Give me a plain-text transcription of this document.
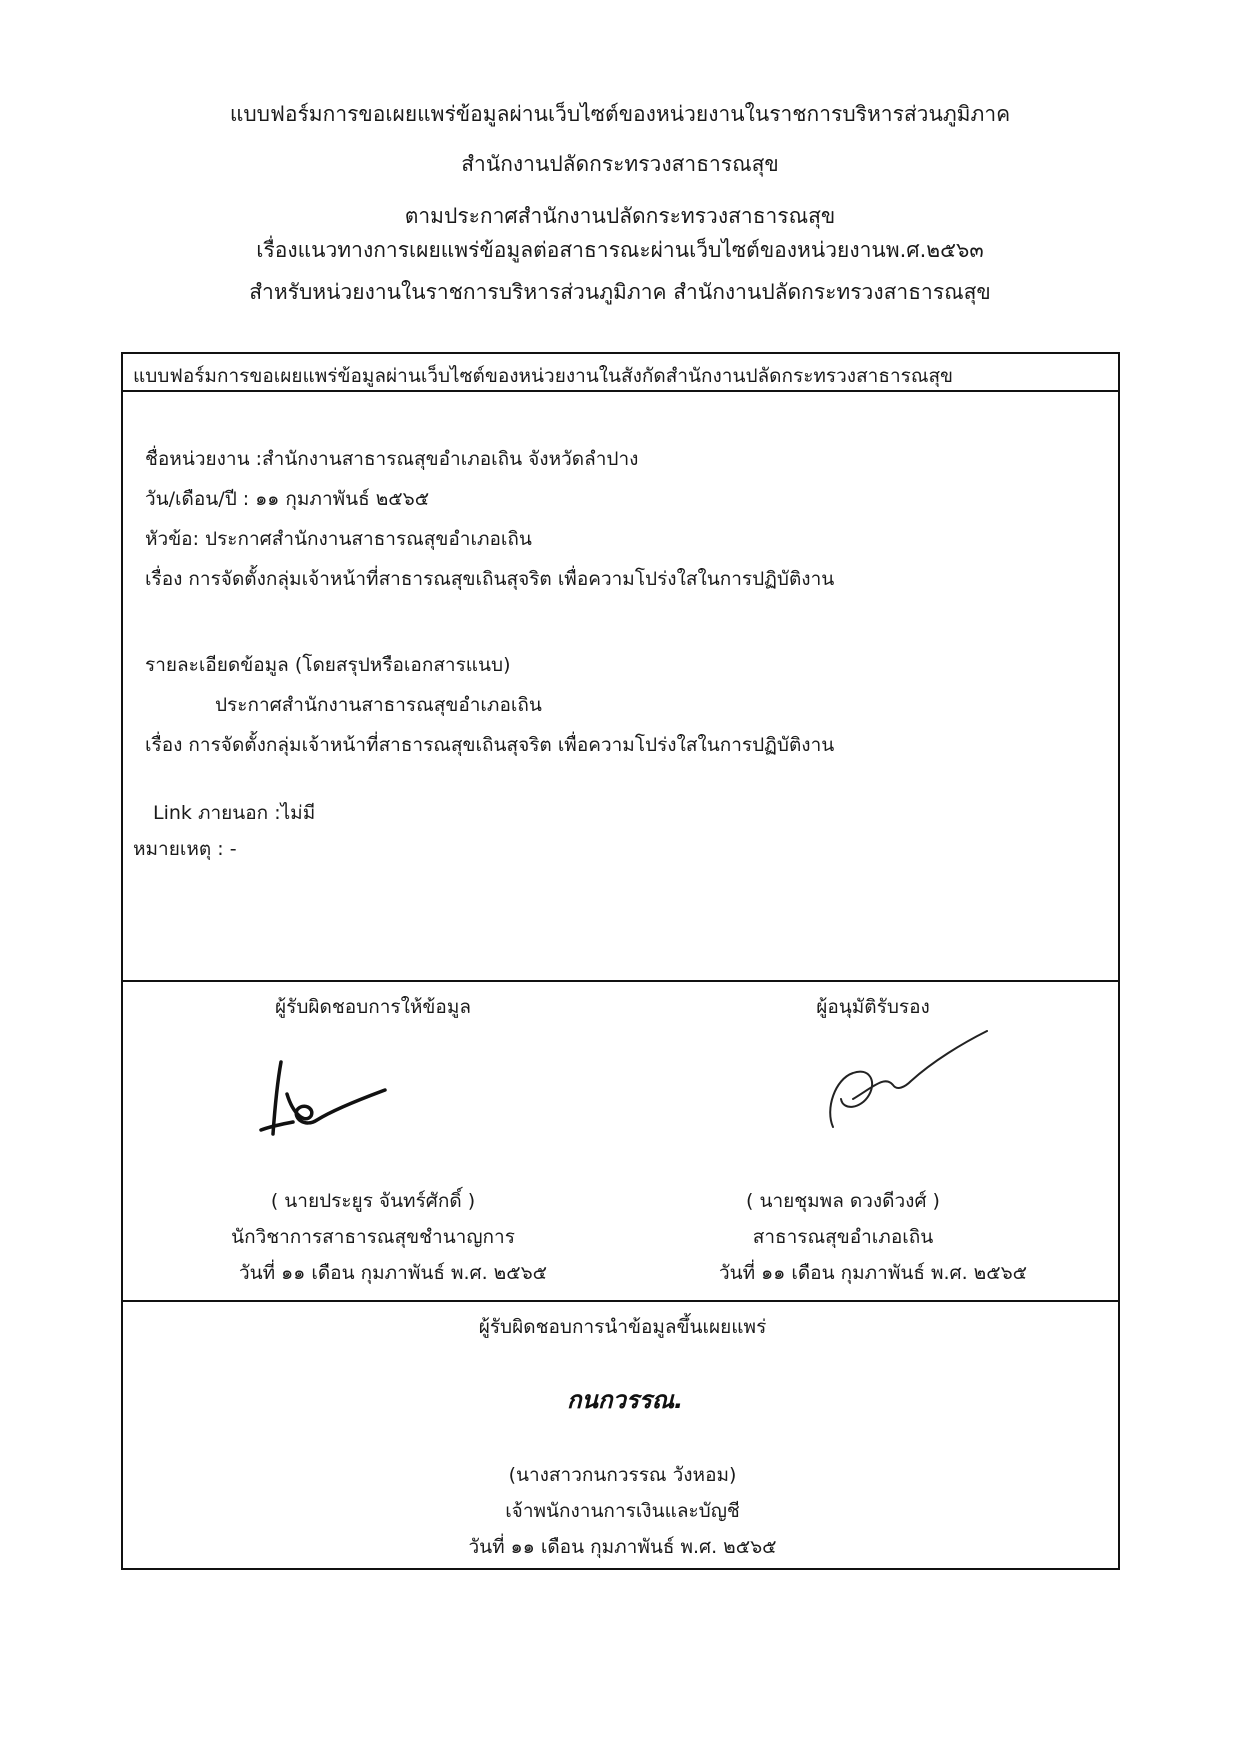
แบบฟอร์มการขอเผยแพร่ข้อมูลผ่านเว็บไซต์ของหน่วยงานในราชการบริหารส่วนภูมิภาค
สำนักงานปลัดกระทรวงสาธารณสุข
ตามประกาศสำนักงานปลัดกระทรวงสาธารณสุข
เรื่องแนวทางการเผยแพร่ข้อมูลต่อสาธารณะผ่านเว็บไซต์ของหน่วยงานพ.ศ.๒๕๖๓
สำหรับหน่วยงานในราชการบริหารส่วนภูมิภาค สำนักงานปลัดกระทรวงสาธารณสุข
แบบฟอร์มการขอเผยแพร่ข้อมูลผ่านเว็บไซต์ของหน่วยงานในสังกัดสำนักงานปลัดกระทรวงสาธารณสุข
ชื่อหน่วยงาน :สำนักงานสาธารณสุขอำเภอเถิน จังหวัดลำปาง
วัน/เดือน/ปี : ๑๑ กุมภาพันธ์ ๒๕๖๕
หัวข้อ: ประกาศสำนักงานสาธารณสุขอำเภอเถิน
เรื่อง การจัดตั้งกลุ่มเจ้าหน้าที่สาธารณสุขเถินสุจริต เพื่อความโปร่งใสในการปฏิบัติงาน
รายละเอียดข้อมูล (โดยสรุปหรือเอกสารแนบ)
ประกาศสำนักงานสาธารณสุขอำเภอเถิน
เรื่อง การจัดตั้งกลุ่มเจ้าหน้าที่สาธารณสุขเถินสุจริต เพื่อความโปร่งใสในการปฏิบัติงาน
Link ภายนอก :ไม่มี
หมายเหตุ : -
ผู้รับผิดชอบการให้ข้อมูล	ผู้อนุมัติรับรอง
( นายประยูร จันทร์ศักดิ์ )
นักวิชาการสาธารณสุขชำนาญการ
วันที่ ๑๑ เดือน กุมภาพันธ์ พ.ศ. ๒๕๖๕
( นายชุมพล ดวงดีวงศ์ )
สาธารณสุขอำเภอเถิน
วันที่ ๑๑ เดือน กุมภาพันธ์ พ.ศ. ๒๕๖๕
ผู้รับผิดชอบการนำข้อมูลขึ้นเผยแพร่
กนกวรรณ.
(นางสาวกนกวรรณ วังหอม)
เจ้าพนักงานการเงินและบัญชี
วันที่ ๑๑ เดือน กุมภาพันธ์ พ.ศ. ๒๕๖๕
